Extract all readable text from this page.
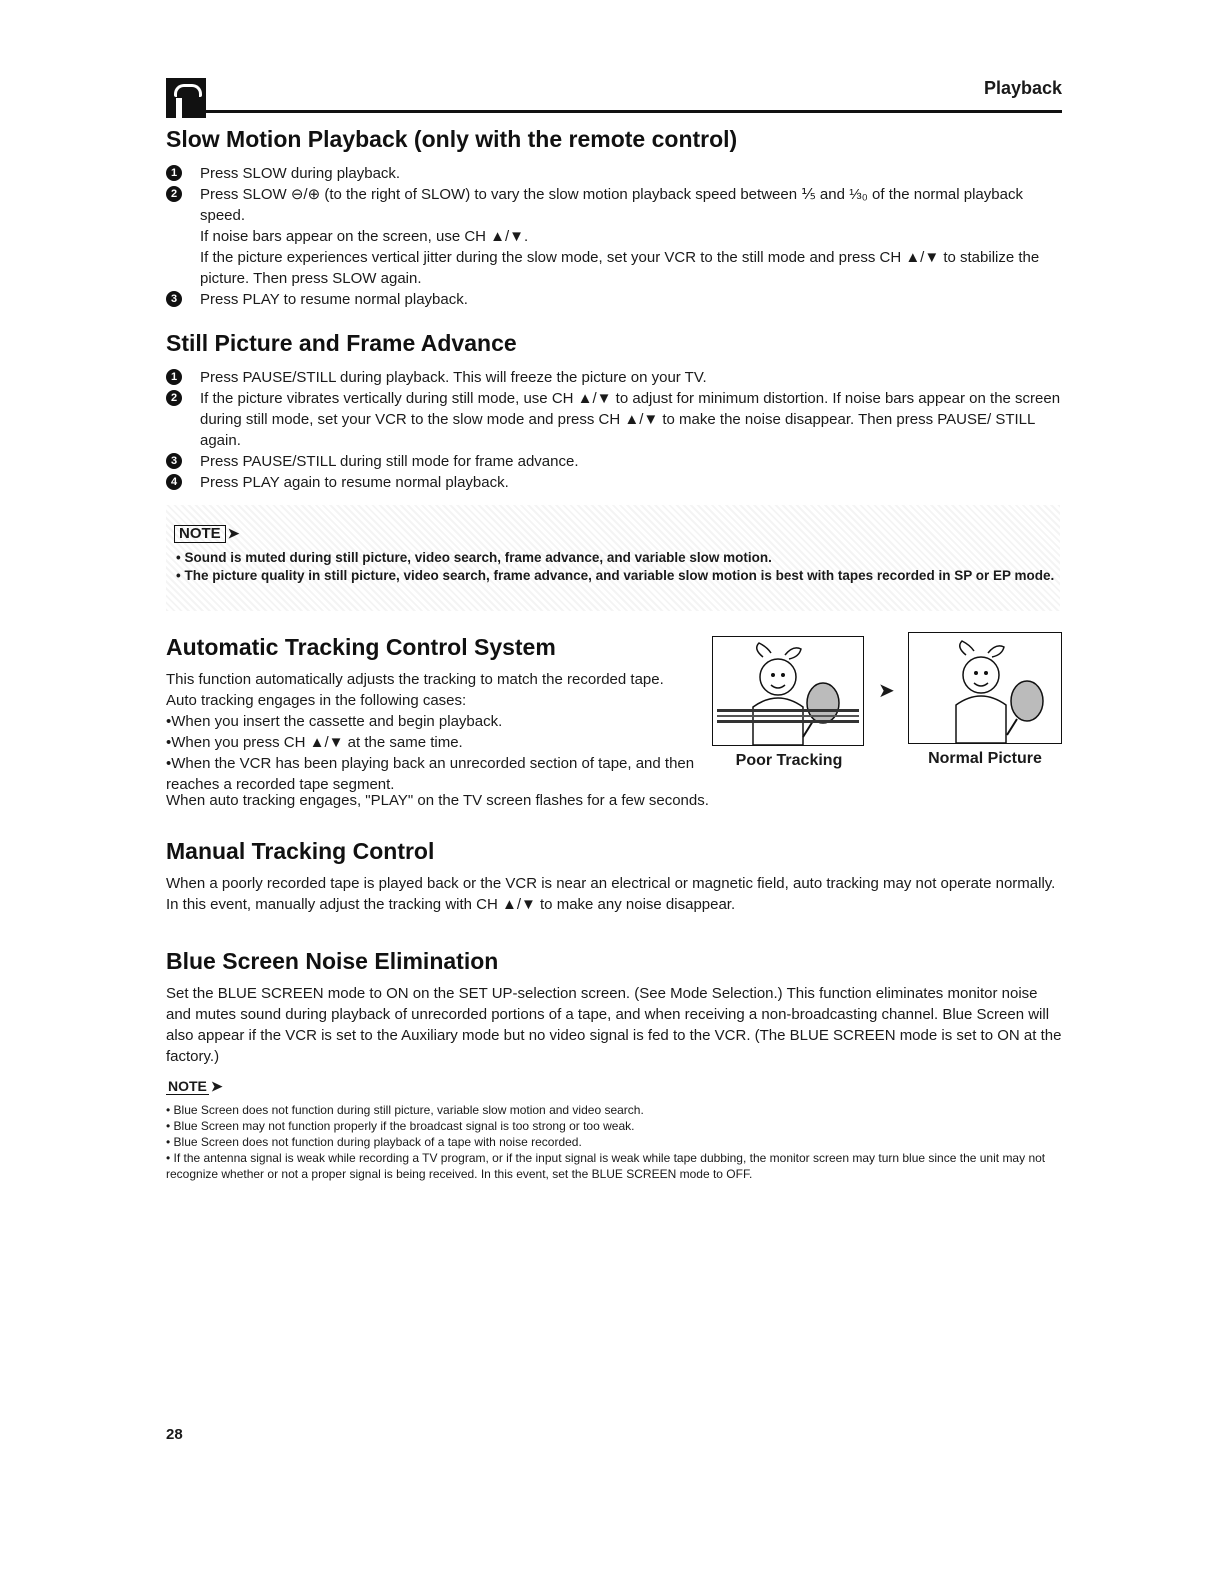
Playback
Slow Motion Playback (only with the remote control)
1	Press SLOW during playback.
2	Press SLOW ⊖/⊕ (to the right of SLOW) to vary the slow motion playback speed between ⅕ and ⅓₀ of the normal playback speed.
If noise bars appear on the screen, use CH ▲/▼.
If the picture experiences vertical jitter during the slow mode, set your VCR to the still mode and press CH ▲/▼ to stabilize the picture. Then press SLOW again.
3	Press PLAY to resume normal playback.
Still Picture and Frame Advance
1	Press PAUSE/STILL during playback. This will freeze the picture on your TV.
2	If the picture vibrates vertically during still mode, use CH ▲/▼ to adjust for minimum distortion. If noise bars appear on the screen during still mode, set your VCR to the slow mode and press CH ▲/▼ to make the noise disappear. Then press PAUSE/ STILL again.
3	Press PAUSE/STILL during still mode for frame advance.
4	Press PLAY again to resume normal playback.
NOTE ➤
• Sound is muted during still picture, video search, frame advance, and variable slow motion.
• The picture quality in still picture, video search, frame advance, and variable slow motion is best with tapes recorded in SP or EP mode.
Automatic Tracking Control System
This function automatically adjusts the tracking to match the recorded tape. Auto tracking engages in the following cases:
•When you insert the cassette and begin playback.
•When you press CH ▲/▼ at the same time.
•When the VCR has been playing back an unrecorded section of tape, and then reaches a recorded tape segment.
When auto tracking engages, "PLAY" on the TV screen flashes for a few seconds.
➤
Poor Tracking	Normal Picture
Manual Tracking Control
When a poorly recorded tape is played back or the VCR is near an electrical or magnetic field, auto tracking may not operate normally. In this event, manually adjust the tracking with CH ▲/▼ to make any noise disappear.
Blue Screen Noise Elimination
Set the BLUE SCREEN mode to ON on the SET UP-selection screen. (See Mode Selection.) This function eliminates monitor noise and mutes sound during playback of unrecorded portions of a tape, and when receiving a non-broadcasting channel. Blue Screen will also appear if the VCR is set to the Auxiliary mode but no video signal is fed to the VCR. (The BLUE SCREEN mode is set to ON at the factory.)
NOTE ➤
• Blue Screen does not function during still picture, variable slow motion and video search.
• Blue Screen may not function properly if the broadcast signal is too strong or too weak.
• Blue Screen does not function during playback of a tape with noise recorded.
• If the antenna signal is weak while recording a TV program, or if the input signal is weak while tape dubbing, the monitor screen may turn blue since the unit may not recognize whether or not a proper signal is being received. In this event, set the BLUE SCREEN mode to OFF.
28
